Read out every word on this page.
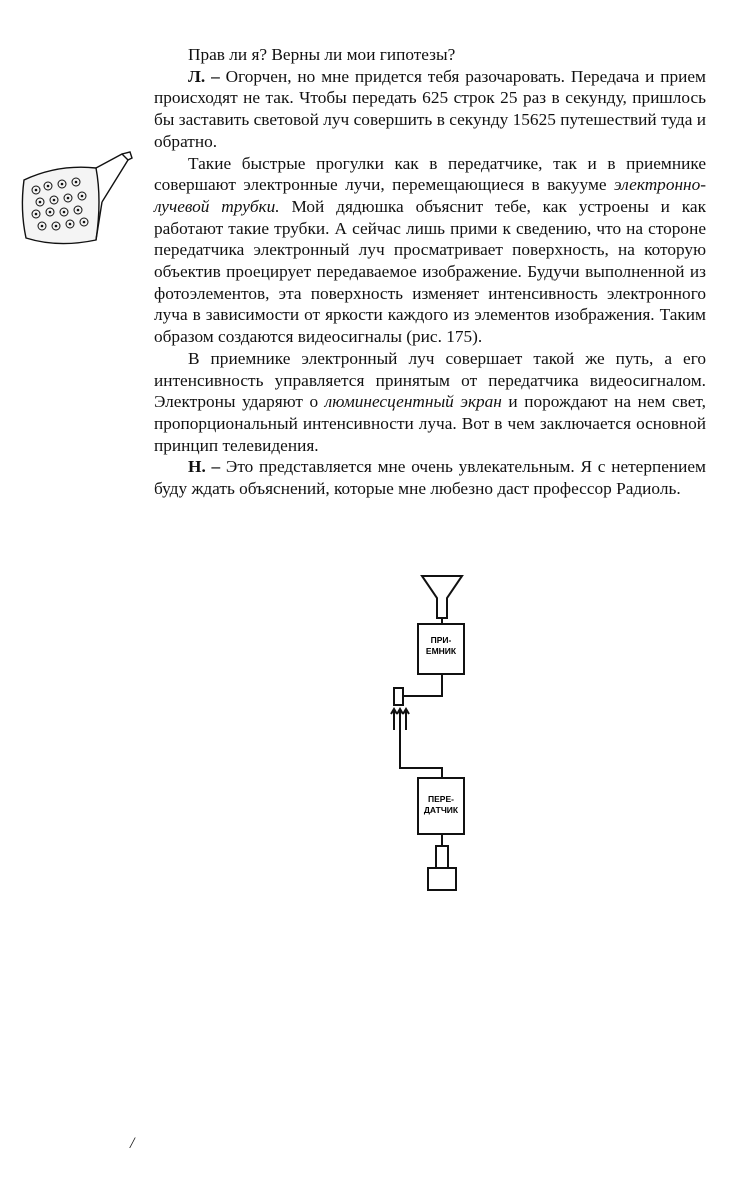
Прав ли я? Верны ли мои гипотезы?

Л. – Огорчен, но мне придется тебя разочаровать. Передача и прием происходят не так. Чтобы передать 625 строк 25 раз в секунду, пришлось бы заставить световой луч совершить в секунду 15625 путешествий туда и обратно.

Такие быстрые прогулки как в передатчике, так и в приемнике совершают электронные лучи, перемещающиеся в вакууме электронно-лучевой трубки. Мой дядюшка объяснит тебе, как устроены и как работают такие трубки. А сейчас лишь прими к сведению, что на стороне передатчика электронный луч просматривает поверхность, на которую объектив проецирует передаваемое изображение. Будучи выполненной из фотоэлементов, эта поверхность изменяет интенсивность электронного луча в зависимости от яркости каждого из элементов изображения. Таким образом создаются видеосигналы (рис. 175).

В приемнике электронный луч совершает такой же путь, а его интенсивность управляется принятым от передатчика видеосигналом. Электроны ударяют о люминесцентный экран и порождают на нем свет, пропорциональный интенсивности луча. Вот в чем заключается основной принцип телевидения.

Н. – Это представляется мне очень увлекательным. Я с нетерпением буду ждать объяснений, которые мне любезно даст профессор Радиоль.

ПРИ-
ЕМНИК
ПЕРЕ-
ДАТЧИК
/
